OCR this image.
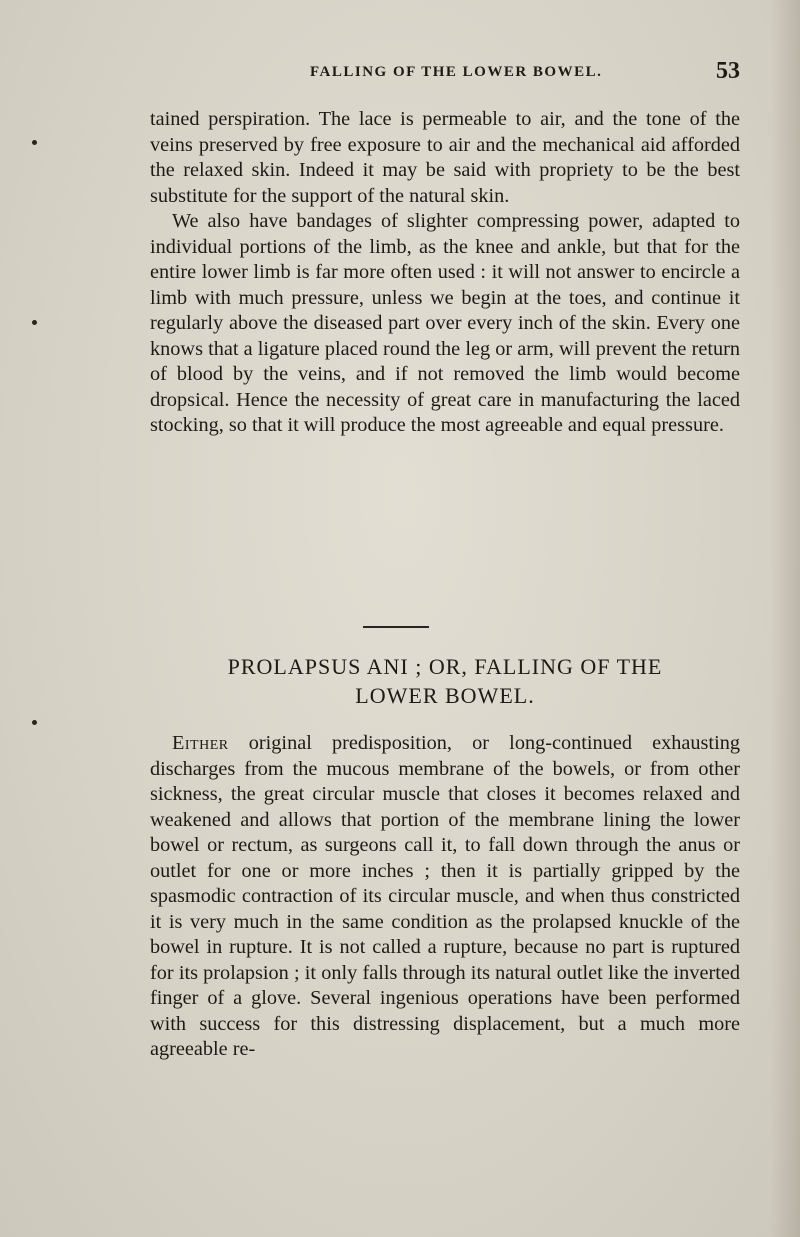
FALLING OF THE LOWER BOWEL.	53

tained perspiration. The lace is permeable to air, and the tone of the veins preserved by free exposure to air and the mechanical aid afforded the relaxed skin. Indeed it may be said with propriety to be the best substitute for the support of the natural skin.

We also have bandages of slighter compressing power, adapted to individual portions of the limb, as the knee and ankle, but that for the entire lower limb is far more often used : it will not answer to encircle a limb with much pressure, unless we begin at the toes, and continue it regularly above the diseased part over every inch of the skin. Every one knows that a ligature placed round the leg or arm, will prevent the return of blood by the veins, and if not removed the limb would become dropsical. Hence the necessity of great care in manufacturing the laced stocking, so that it will produce the most agreeable and equal pressure.

PROLAPSUS ANI ; OR, FALLING OF THE
LOWER BOWEL.

Either original predisposition, or long-continued exhausting discharges from the mucous membrane of the bowels, or from other sickness, the great circular muscle that closes it becomes relaxed and weakened and allows that portion of the membrane lining the lower bowel or rectum, as surgeons call it, to fall down through the anus or outlet for one or more inches ; then it is partially gripped by the spasmodic contraction of its circular muscle, and when thus constricted it is very much in the same condition as the prolapsed knuckle of the bowel in rupture. It is not called a rupture, because no part is ruptured for its prolapsion ; it only falls through its natural outlet like the inverted finger of a glove. Several ingenious operations have been performed with success for this distressing displacement, but a much more agreeable re-
